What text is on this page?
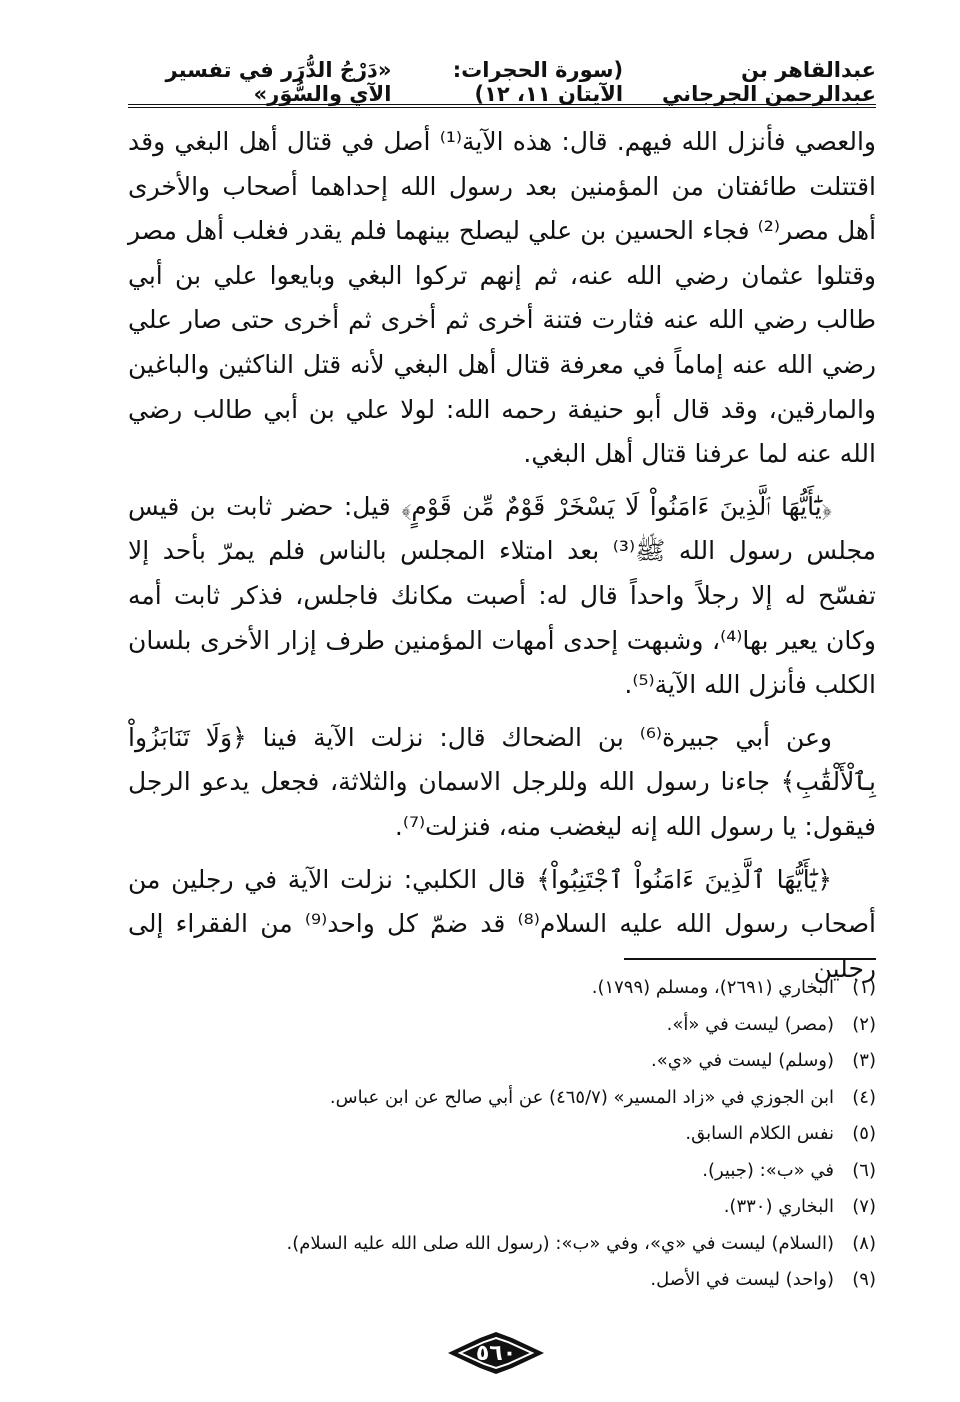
عبدالقاهر بن عبدالرحمن الجرجاني
(سورة الحجرات: الآيتان ١١، ١٢)
«دَرْجُ الدُّرَر في تفسير الآي والسُّوَر»

والعصي فأنزل الله فيهم. قال: هذه الآية⁽¹⁾ أصل في قتال أهل البغي وقد اقتتلت طائفتان من المؤمنين بعد رسول الله إحداهما أصحاب والأخرى أهل مصر⁽²⁾ فجاء الحسين بن علي ليصلح بينهما فلم يقدر فغلب أهل مصر وقتلوا عثمان رضي الله عنه، ثم إنهم تركوا البغي وبايعوا علي بن أبي طالب رضي الله عنه فثارت فتنة أخرى ثم أخرى ثم أخرى حتى صار علي رضي الله عنه إماماً في معرفة قتال أهل البغي لأنه قتل الناكثين والباغين والمارقين، وقد قال أبو حنيفة رحمه الله: لولا علي بن أبي طالب رضي الله عنه لما عرفنا قتال أهل البغي.

﴿يَٰٓأَيُّهَا ٱلَّذِينَ ءَامَنُواْ لَا يَسْخَرْ قَوْمٌ مِّن قَوْمٍ﴾ قيل: حضر ثابت بن قيس مجلس رسول الله ﷺ⁽³⁾ بعد امتلاء المجلس بالناس فلم يمرّ بأحد إلا تفسّح له إلا رجلاً واحداً قال له: أصبت مكانك فاجلس، فذكر ثابت أمه وكان يعير بها⁽⁴⁾، وشبهت إحدى أمهات المؤمنين طرف إزار الأخرى بلسان الكلب فأنزل الله الآية⁽⁵⁾.

وعن أبي جبيرة⁽⁶⁾ بن الضحاك قال: نزلت الآية فينا ﴿وَلَا تَنَابَزُواْ بِٱلْأَلْقَٰبِ﴾ جاءنا رسول الله وللرجل الاسمان والثلاثة، فجعل يدعو الرجل فيقول: يا رسول الله إنه ليغضب منه، فنزلت⁽⁷⁾.

﴿يَٰٓأَيُّهَا ٱلَّذِينَ ءَامَنُواْ ٱجْتَنِبُواْ﴾ قال الكلبي: نزلت الآية في رجلين من أصحاب رسول الله عليه السلام⁽⁸⁾ قد ضمّ كل واحد⁽⁹⁾ من الفقراء إلى رجلين

(١)
البخاري (٢٦٩١)، ومسلم (١٧٩٩).
(٢)
(مصر) ليست في «أ».
(٣)
(وسلم) ليست في «ي».
(٤)
ابن الجوزي في «زاد المسير» (٤٦٥/٧) عن أبي صالح عن ابن عباس.
(٥)
نفس الكلام السابق.
(٦)
في «ب»: (جبير).
(٧)
البخاري (٣٣٠).
(٨)
(السلام) ليست في «ي»، وفي «ب»: (رسول الله صلى الله عليه السلام).
(٩)
(واحد) ليست في الأصل.
٥٦٠
